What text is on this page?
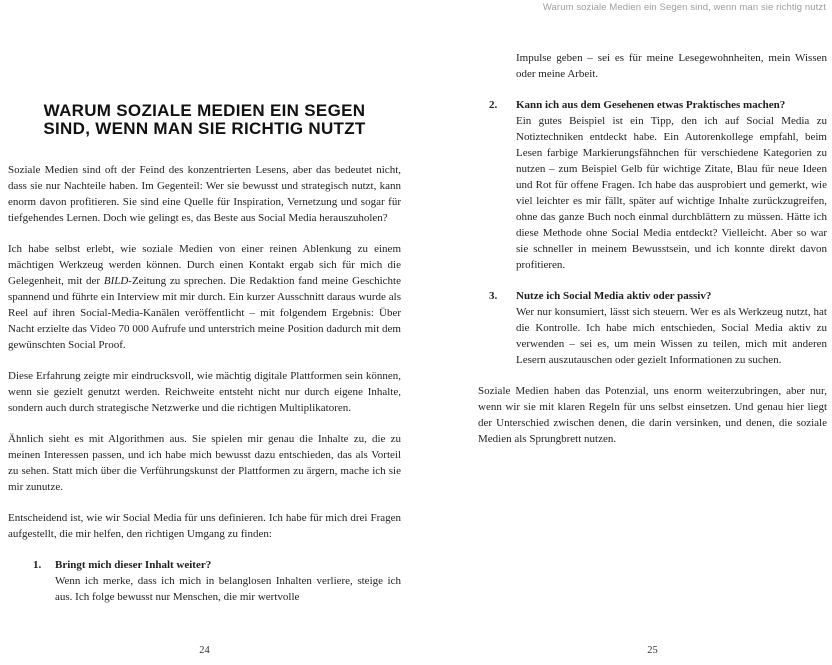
Warum soziale Medien ein Segen sind, wenn man sie richtig nutzt
WARUM SOZIALE MEDIEN EIN SEGEN
SIND, WENN MAN SIE RICHTIG NUTZT

Soziale Medien sind oft der Feind des konzentrierten Lesens, aber das bedeutet nicht, dass sie nur Nachteile haben. Im Gegenteil: Wer sie bewusst und strategisch nutzt, kann enorm davon profitieren. Sie sind eine Quelle für Inspiration, Vernetzung und sogar für tiefgehendes Lernen. Doch wie gelingt es, das Beste aus Social Media herauszuholen?

Ich habe selbst erlebt, wie soziale Medien von einer reinen Ablenkung zu einem mächtigen Werkzeug werden können. Durch einen Kontakt ergab sich für mich die Gelegenheit, mit der BILD-Zeitung zu sprechen. Die Redaktion fand meine Geschichte spannend und führte ein Interview mit mir durch. Ein kurzer Ausschnitt daraus wurde als Reel auf ihren Social-Media-Kanälen veröffentlicht – mit folgendem Ergebnis: Über Nacht erzielte das Video 70 000 Aufrufe und unterstrich meine Position dadurch mit dem gewünschten Social Proof.

Diese Erfahrung zeigte mir eindrucksvoll, wie mächtig digitale Plattformen sein können, wenn sie gezielt genutzt werden. Reichweite entsteht nicht nur durch eigene Inhalte, sondern auch durch strategische Netzwerke und die richtigen Multiplikatoren.

Ähnlich sieht es mit Algorithmen aus. Sie spielen mir genau die Inhalte zu, die zu meinen Interessen passen, und ich habe mich bewusst dazu entschieden, das als Vorteil zu sehen. Statt mich über die Verführungskunst der Plattformen zu ärgern, mache ich sie mir zunutze.

Entscheidend ist, wie wir Social Media für uns definieren. Ich habe für mich drei Fragen aufgestellt, die mir helfen, den richtigen Umgang zu finden:

1.	Bringt mich dieser Inhalt weiter?
Wenn ich merke, dass ich mich in belanglosen Inhalten verliere, steige ich aus. Ich folge bewusst nur Menschen, die mir wertvolle
24

Impulse geben – sei es für meine Lesegewohnheiten, mein Wissen oder meine Arbeit.

2.	Kann ich aus dem Gesehenen etwas Praktisches machen?
Ein gutes Beispiel ist ein Tipp, den ich auf Social Media zu Notiztechniken entdeckt habe. Ein Autorenkollege empfahl, beim Lesen farbige Markierungsfähnchen für verschiedene Kategorien zu nutzen – zum Beispiel Gelb für wichtige Zitate, Blau für neue Ideen und Rot für offene Fragen. Ich habe das ausprobiert und gemerkt, wie viel leichter es mir fällt, später auf wichtige Inhalte zurückzugreifen, ohne das ganze Buch noch einmal durchblättern zu müssen. Hätte ich diese Methode ohne Social Media entdeckt? Vielleicht. Aber so war sie schneller in meinem Bewusstsein, und ich konnte direkt davon profitieren.
3.	Nutze ich Social Media aktiv oder passiv?
Wer nur konsumiert, lässt sich steuern. Wer es als Werkzeug nutzt, hat die Kontrolle. Ich habe mich entschieden, Social Media aktiv zu verwenden – sei es, um mein Wissen zu teilen, mich mit anderen Lesern auszutauschen oder gezielt Informationen zu suchen.

Soziale Medien haben das Potenzial, uns enorm weiterzubringen, aber nur, wenn wir sie mit klaren Regeln für uns selbst einsetzen. Und genau hier liegt der Unterschied zwischen denen, die darin versinken, und denen, die soziale Medien als Sprungbrett nutzen.

25
